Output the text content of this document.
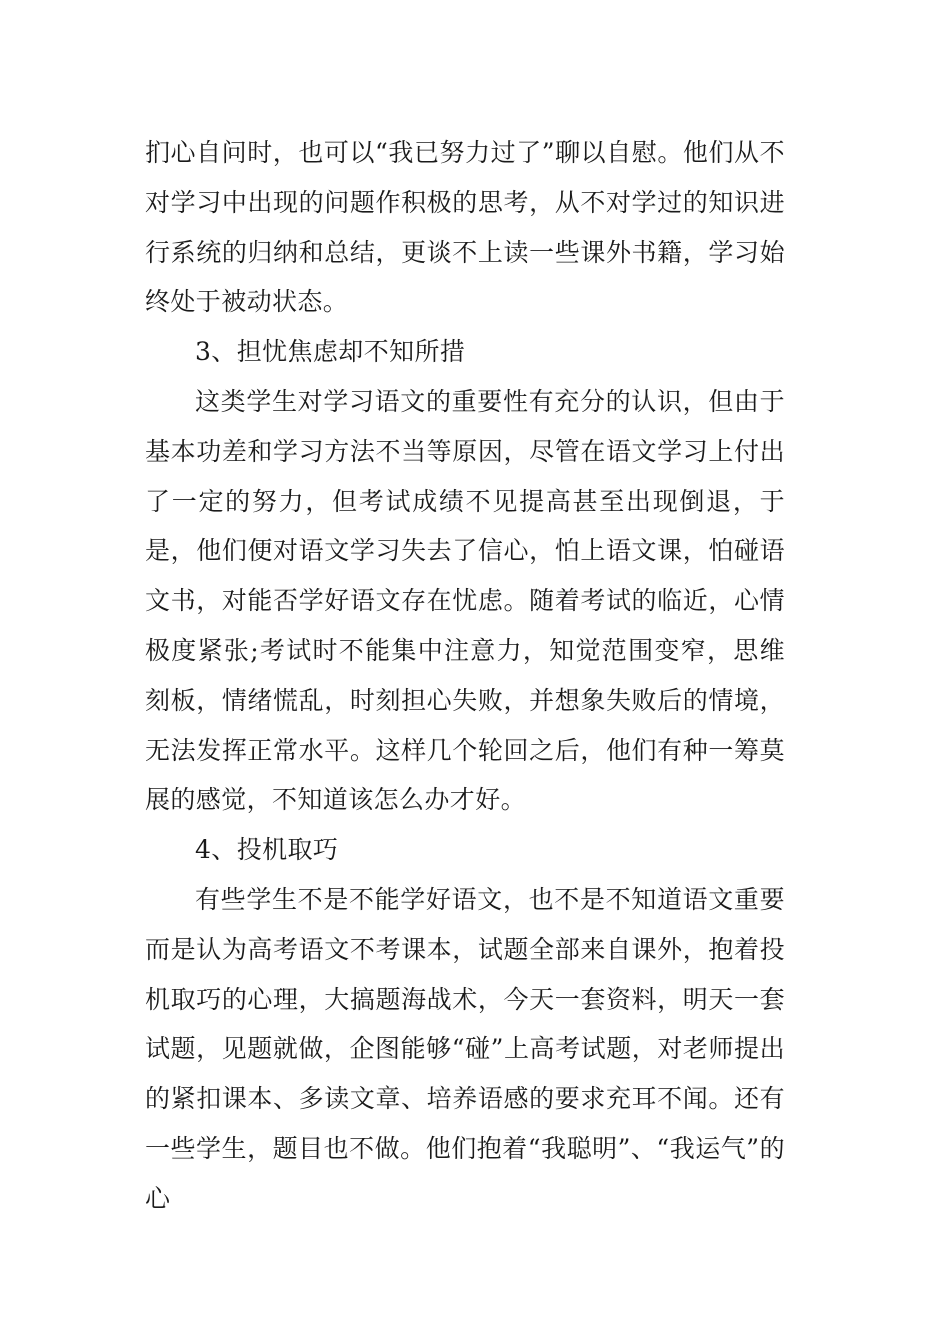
扪心自问时，也可以“我已努力过了”聊以自慰。他们从不对学习中出现的问题作积极的思考，从不对学过的知识进行系统的归纳和总结，更谈不上读一些课外书籍，学习始终处于被动状态。

3、担忧焦虑却不知所措

这类学生对学习语文的重要性有充分的认识，但由于基本功差和学习方法不当等原因，尽管在语文学习上付出了一定的努力，但考试成绩不见提高甚至出现倒退，于是，他们便对语文学习失去了信心，怕上语文课，怕碰语文书，对能否学好语文存在忧虑。随着考试的临近，心情极度紧张;考试时不能集中注意力，知觉范围变窄，思维刻板，情绪慌乱，时刻担心失败，并想象失败后的情境，无法发挥正常水平。这样几个轮回之后，他们有种一筹莫展的感觉，不知道该怎么办才好。

4、投机取巧

有些学生不是不能学好语文，也不是不知道语文重要而是认为高考语文不考课本，试题全部来自课外，抱着投机取巧的心理，大搞题海战术，今天一套资料，明天一套试题，见题就做，企图能够“碰”上高考试题，对老师提出的紧扣课本、多读文章、培养语感的要求充耳不闻。还有一些学生，题目也不做。他们抱着“我聪明”、“我运气”的心
